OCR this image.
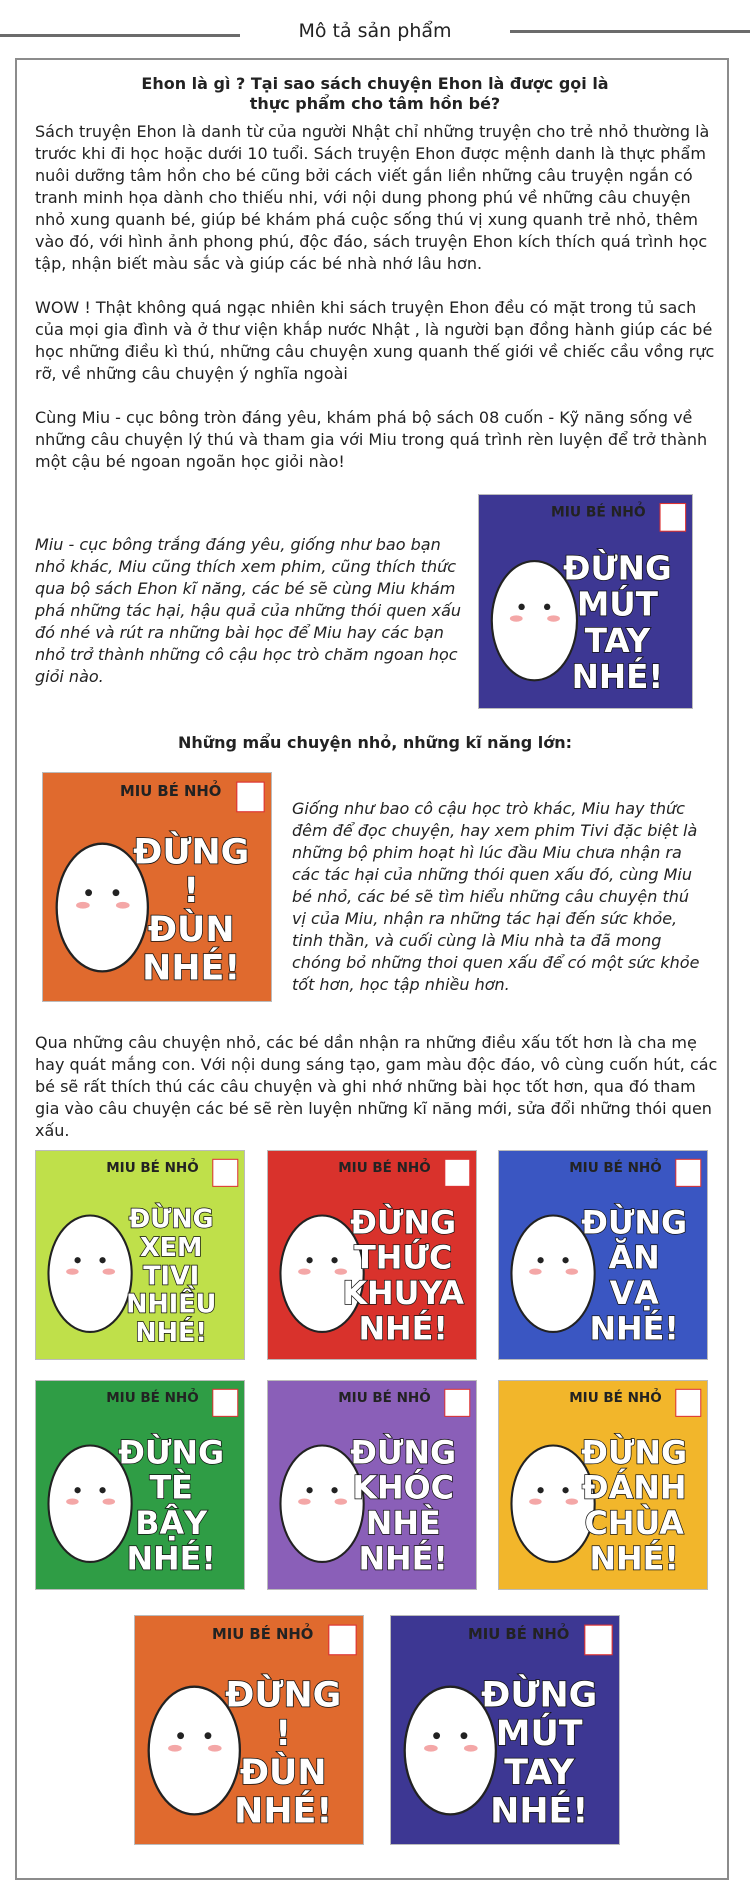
Mô tả sản phẩm
Ehon là gì ? Tại sao sách chuyện Ehon là được gọi là
thực phẩm cho tâm hồn bé?
Sách truyện Ehon là danh từ của người Nhật chỉ những truyện cho trẻ nhỏ thường là trước khi đi học hoặc dưới 10 tuổi. Sách truyện Ehon được mệnh danh là thực phẩm nuôi dưỡng tâm hồn cho bé cũng bởi cách viết gắn liền những câu truyện ngắn có tranh minh họa dành cho thiếu nhi, với nội dung phong phú về những câu chuyện nhỏ xung quanh bé, giúp bé khám phá cuộc sống thú vị xung quanh trẻ nhỏ, thêm vào đó, với hình ảnh phong phú, độc đáo, sách truyện Ehon kích thích quá trình học tập, nhận biết màu sắc và giúp các bé nhà nhớ lâu hơn.
WOW ! Thật không quá ngạc nhiên khi sách truyện Ehon đều có mặt trong tủ sach của mọi gia đình và ở thư viện khắp nước Nhật , là người bạn đồng hành giúp các bé học những điều kì thú, những câu chuyện xung quanh thế giới về chiếc cầu vồng rực rỡ, về những câu chuyện ý nghĩa ngoài
Cùng Miu - cục bông tròn đáng yêu, khám phá bộ sách 08 cuốn - Kỹ năng sống về những câu chuyện lý thú và tham gia với Miu trong quá trình rèn luyện để trở thành một cậu bé ngoan ngoãn học giỏi nào!
Miu - cục bông trắng đáng yêu, giống như bao bạn nhỏ khác, Miu cũng thích xem phim, cũng thích thức qua bộ sách Ehon kĩ năng, các bé sẽ cùng Miu khám phá những tác hại, hậu quả của những thói quen xấu đó nhé và rút ra những bài học để Miu hay các bạn nhỏ trở thành những cô cậu học trò chăm ngoan học giỏi nào.
MIU BÉ NHỎ
ĐỪNG
MÚT
TAY
NHÉ!
Những mẩu chuyện nhỏ, những kĩ năng lớn:
MIU BÉ NHỎ
ĐỪNG
!
ĐÙN
NHÉ!
Giống như bao cô cậu học trò khác, Miu hay thức đêm để đọc chuyện, hay xem phim Tivi đặc biệt là những bộ phim hoạt hì lúc đầu Miu chưa nhận ra các tác hại của những thói quen xấu đó, cùng Miu bé nhỏ, các bé sẽ tìm hiểu những câu chuyện thú vị của Miu, nhận ra những tác hại đến sức khỏe, tinh thần, và cuối cùng là Miu nhà ta đã mong chóng bỏ những thoi quen xấu để có một sức khỏe tốt hơn, học tập nhiều hơn.
Qua những câu chuyện nhỏ, các bé dần nhận ra những điều xấu tốt hơn là cha mẹ hay quát mắng con. Với nội dung sáng tạo, gam màu độc đáo, vô cùng cuốn hút, các bé sẽ rất thích thú các câu chuyện và ghi nhớ những bài học tốt hơn, qua đó tham gia vào câu chuyện các bé sẽ rèn luyện những kĩ năng mới, sửa đổi những thói quen xấu.
MIU BÉ NHỎ
ĐỪNG
XEM
TIVI
NHIỀU
NHÉ!
MIU BÉ NHỎ
ĐỪNG
THỨC
KHUYA
NHÉ!
MIU BÉ NHỎ
ĐỪNG
ĂN
VẠ
NHÉ!
MIU BÉ NHỎ
ĐỪNG
TÈ
BẬY
NHÉ!
MIU BÉ NHỎ
ĐỪNG
KHÓC
NHÈ
NHÉ!
MIU BÉ NHỎ
ĐỪNG
ĐÁNH
CHÙA
NHÉ!
MIU BÉ NHỎ
ĐỪNG
!
ĐÙN
NHÉ!
MIU BÉ NHỎ
ĐỪNG
MÚT
TAY
NHÉ!
